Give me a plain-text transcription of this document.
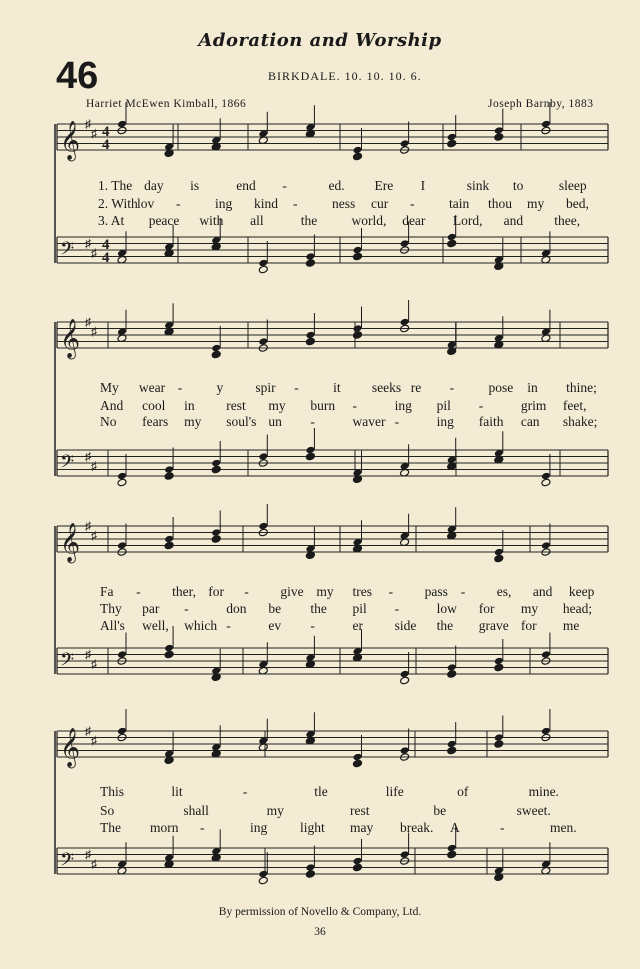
Adoration and Worship
46	BIRKDALE. 10. 10. 10. 6.
Harriet McEwen Kimball, 1866	Joseph Barnby, 1883
𝄞 ♯
♯
𝄢 ♯
♯
𝄞 ♯
♯
𝄢 ♯
♯
𝄞 ♯
♯
𝄢 ♯
♯
𝄞 ♯
♯
𝄢 ♯
♯
4
4
4
4
1. The day is	end -	ed. Ere I	sink to	sleep
2. With lov -	ing kind -	ness cur -	tain thou my bed,
3. At peace with all	the	world, dear Lord, and thee,
My wear -	y spir -	it seeks re -	pose in thine;
And cool in rest my burn -	ing pil -	grim feet,
No fears my soul's un -	waver -	ing faith can shake;
Fa - ther, for - give my tres - pass - es, and keep
Thy par -	don be the pil -	low for my head;
All's well, which -	ev -	er side the grave for me
This	lit	-	tle	life	of	mine.
So	shall	my	rest	be	sweet.
The morn -	ing light may break. A	-	men.
By permission of Novello & Company, Ltd.
36
